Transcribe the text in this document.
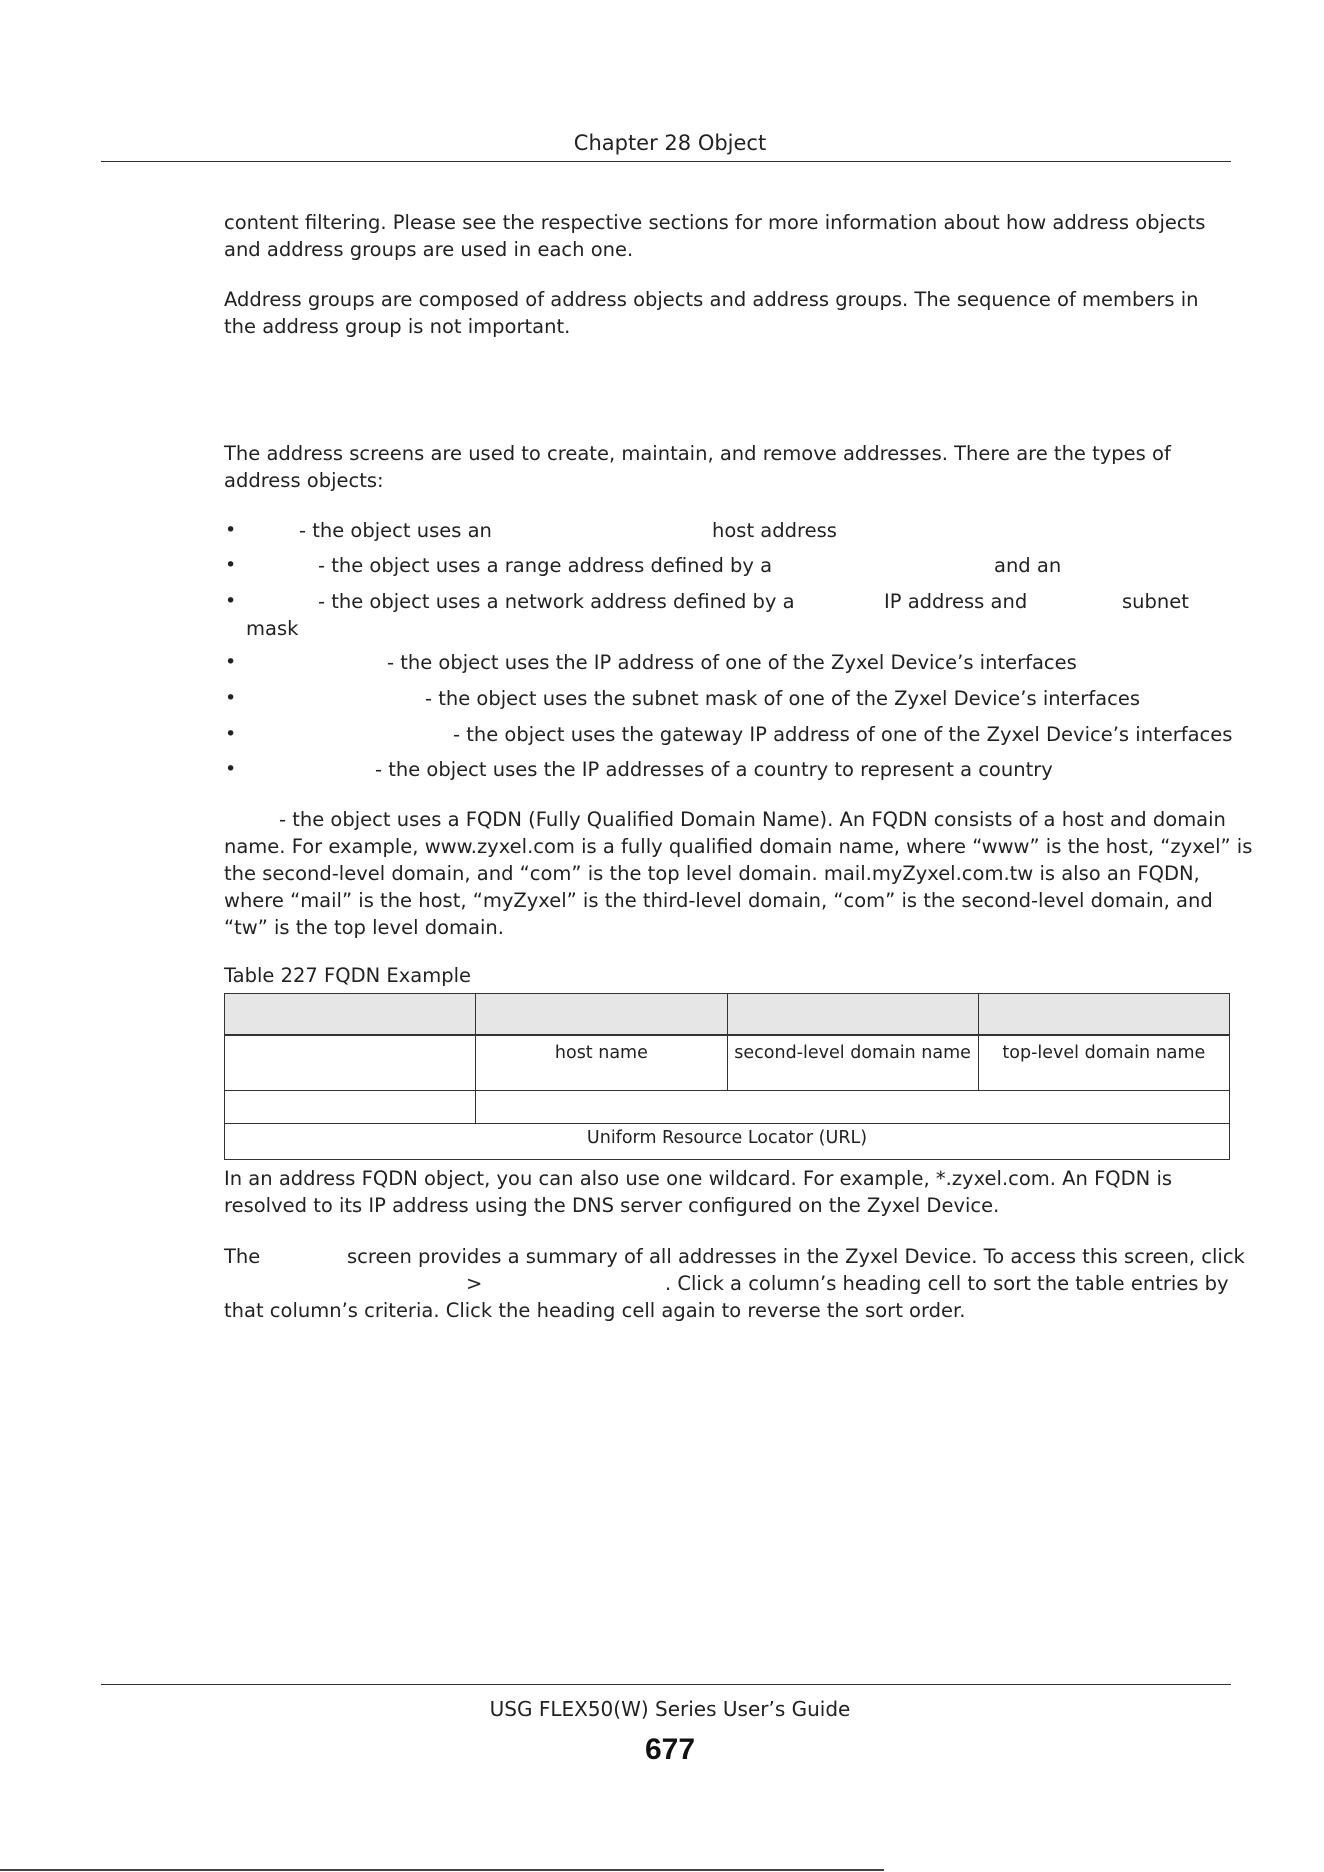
Chapter 28 Object
content filtering. Please see the respective sections for more information about how address objects and address groups are used in each one.
Address groups are composed of address objects and address groups. The sequence of members in the address group is not important.
The address screens are used to create, maintain, and remove addresses. There are the types of address objects:
•	- the object uses an	host address
•	- the object uses a range address defined by a	and an
•	- the object uses a network address defined by a	IP address and	subnet
mask
•	- the object uses the IP address of one of the Zyxel Device’s interfaces
•	- the object uses the subnet mask of one of the Zyxel Device’s interfaces
•	- the object uses the gateway IP address of one of the Zyxel Device’s interfaces
•	- the object uses the IP addresses of a country to represent a country
- the object uses a FQDN (Fully Qualified Domain Name). An FQDN consists of a host and domain
name. For example, www.zyxel.com is a fully qualified domain name, where “www” is the host, “zyxel” is
the second-level domain, and “com” is the top level domain. mail.myZyxel.com.tw is also an FQDN,
where “mail” is the host, “myZyxel” is the third-level domain, “com” is the second-level domain, and
“tw” is the top level domain.
Table 227 FQDN Example

	host name	second-level domain name	top-level domain name

Uniform Resource Locator (URL)			
In an address FQDN object, you can also use one wildcard. For example, *.zyxel.com. An FQDN is resolved to its IP address using the DNS server configured on the Zyxel Device.
The	screen provides a summary of all addresses in the Zyxel Device. To access this screen, click
>	. Click a column’s heading cell to sort the table entries by
that column’s criteria. Click the heading cell again to reverse the sort order.
USG FLEX50(W) Series User’s Guide
677
